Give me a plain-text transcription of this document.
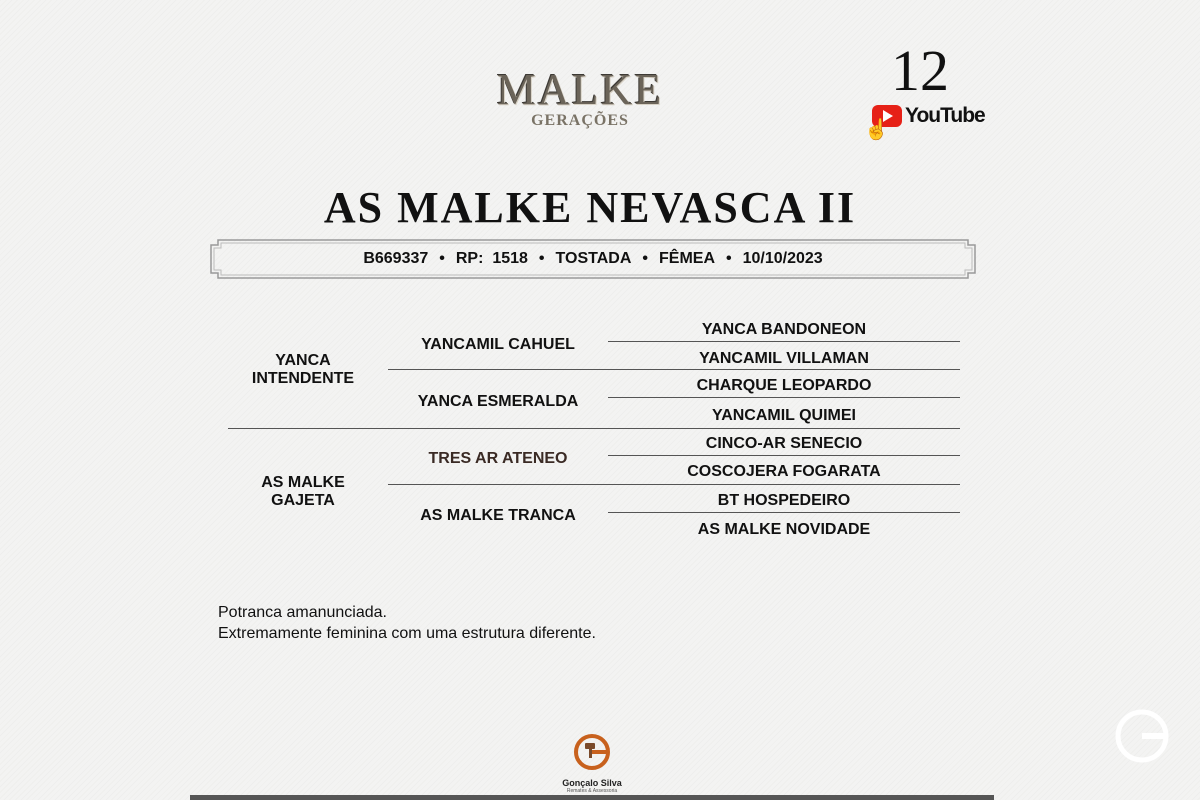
MALKE
GERAÇÕES
12
YouTube
☝
AS MALKE NEVASCA II
B669337 • RP:
1518 • TOSTADA • FÊMEA • 10/10/2023
YANCA INTENDENTE
YANCAMIL CAHUEL
YANCA ESMERALDA
YANCA BANDONEON
YANCAMIL VILLAMAN
CHARQUE LEOPARDO
YANCAMIL QUIMEI
AS MALKE GAJETA
TRES AR ATENEO
AS MALKE TRANCA
CINCO-AR SENECIO
COSCOJERA FOGARATA
BT HOSPEDEIRO
AS MALKE NOVIDADE
Potranca amanunciada.
Extremamente feminina com uma estrutura diferente.
Gonçalo Silva
Remates & Assessoria
